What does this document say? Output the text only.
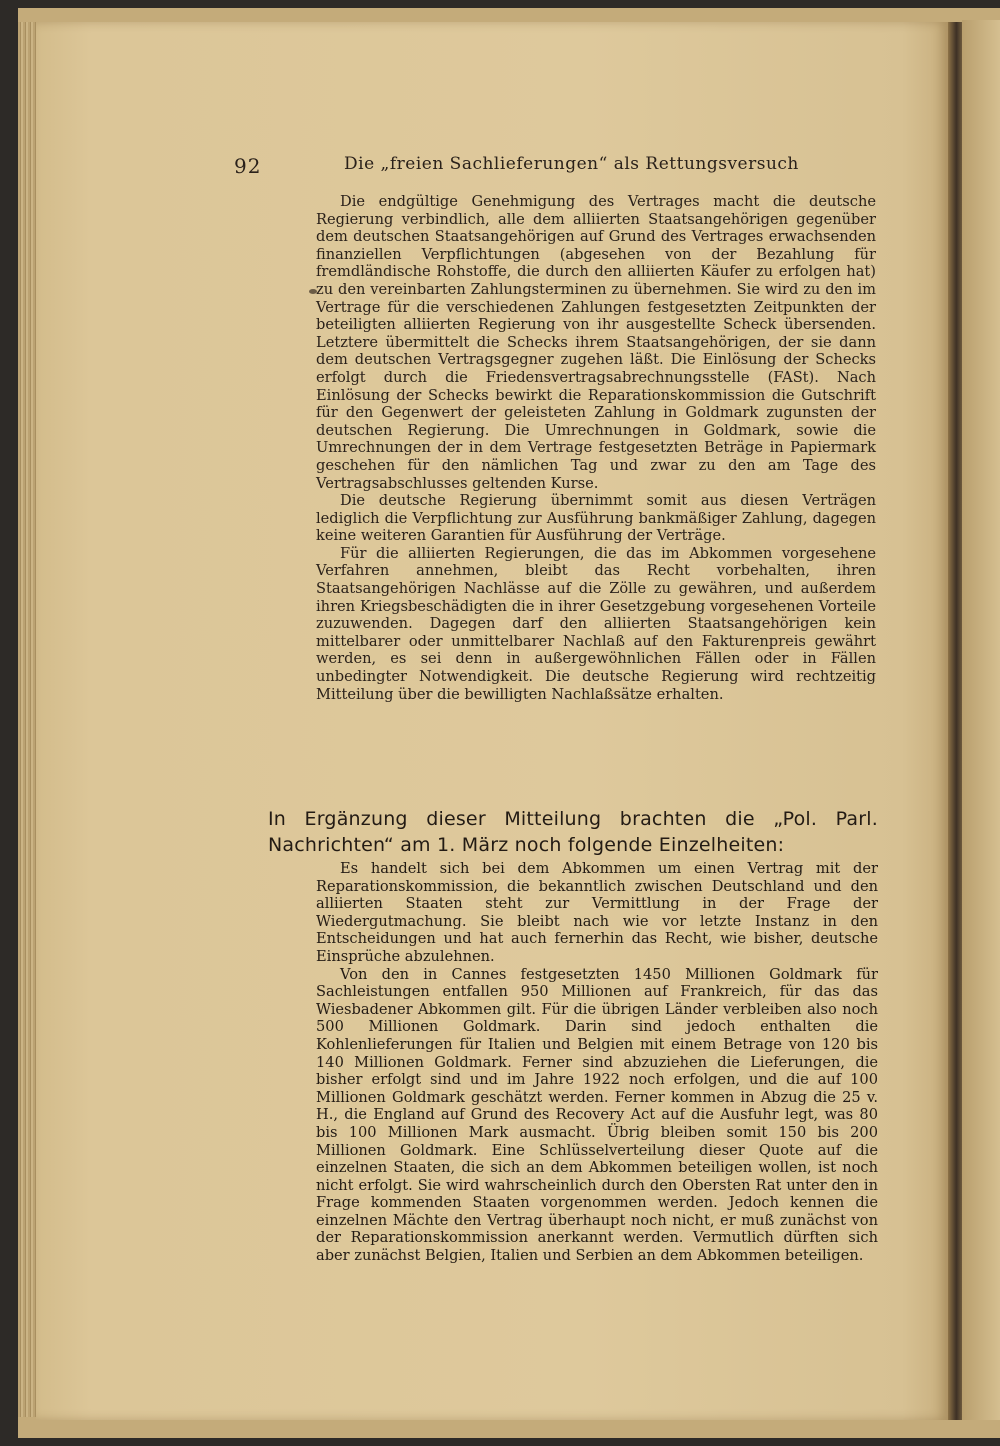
92	Die „freien Sachlieferungen“ als Rettungsversuch

Die endgültige Genehmigung des Vertrages macht die deutsche Regierung verbindlich, alle dem alliierten Staatsangehörigen gegenüber dem deutschen Staatsangehörigen auf Grund des Vertrages erwachsenden finanziellen Verpflichtungen (abgesehen von der Bezahlung für fremdländische Rohstoffe, die durch den alliierten Käufer zu erfolgen hat) zu den vereinbarten Zahlungsterminen zu übernehmen. Sie wird zu den im Vertrage für die verschiedenen Zahlungen festgesetzten Zeitpunkten der beteiligten alliierten Regierung von ihr ausgestellte Scheck übersenden. Letztere übermittelt die Schecks ihrem Staatsangehörigen, der sie dann dem deutschen Vertragsgegner zugehen läßt. Die Einlösung der Schecks erfolgt durch die Friedensvertragsabrechnungsstelle (FASt). Nach Einlösung der Schecks bewirkt die Reparationskommission die Gutschrift für den Gegenwert der geleisteten Zahlung in Goldmark zugunsten der deutschen Regierung. Die Umrechnungen in Goldmark, sowie die Umrechnungen der in dem Vertrage festgesetzten Beträge in Papiermark geschehen für den nämlichen Tag und zwar zu den am Tage des Vertragsabschlusses geltenden Kurse.

Die deutsche Regierung übernimmt somit aus diesen Verträgen lediglich die Verpflichtung zur Ausführung bankmäßiger Zahlung, dagegen keine weiteren Garantien für Ausführung der Verträge.

Für die alliierten Regierungen, die das im Abkommen vorgesehene Verfahren annehmen, bleibt das Recht vorbehalten, ihren Staatsangehörigen Nachlässe auf die Zölle zu gewähren, und außerdem ihren Kriegsbeschädigten die in ihrer Gesetzgebung vorgesehenen Vorteile zuzuwenden. Dagegen darf den alliierten Staatsangehörigen kein mittelbarer oder unmittelbarer Nachlaß auf den Fakturenpreis gewährt werden, es sei denn in außergewöhnlichen Fällen oder in Fällen unbedingter Notwendigkeit. Die deutsche Regierung wird rechtzeitig Mitteilung über die bewilligten Nachlaßsätze erhalten.

In Ergänzung dieser Mitteilung brachten die „Pol. Parl. Nachrichten“ am 1. März noch folgende Einzelheiten:

Es handelt sich bei dem Abkommen um einen Vertrag mit der Reparationskommission, die bekanntlich zwischen Deutschland und den alliierten Staaten steht zur Vermittlung in der Frage der Wiedergutmachung. Sie bleibt nach wie vor letzte Instanz in den Entscheidungen und hat auch fernerhin das Recht, wie bisher, deutsche Einsprüche abzulehnen.

Von den in Cannes festgesetzten 1450 Millionen Goldmark für Sachleistungen entfallen 950 Millionen auf Frankreich, für das das Wiesbadener Abkommen gilt. Für die übrigen Länder verbleiben also noch 500 Millionen Goldmark. Darin sind jedoch enthalten die Kohlenlieferungen für Italien und Belgien mit einem Betrage von 120 bis 140 Millionen Goldmark. Ferner sind abzuziehen die Lieferungen, die bisher erfolgt sind und im Jahre 1922 noch erfolgen, und die auf 100 Millionen Goldmark geschätzt werden. Ferner kommen in Abzug die 25 v. H., die England auf Grund des Recovery Act auf die Ausfuhr legt, was 80 bis 100 Millionen Mark ausmacht. Übrig bleiben somit 150 bis 200 Millionen Goldmark. Eine Schlüsselverteilung dieser Quote auf die einzelnen Staaten, die sich an dem Abkommen beteiligen wollen, ist noch nicht erfolgt. Sie wird wahrscheinlich durch den Obersten Rat unter den in Frage kommenden Staaten vorgenommen werden. Jedoch kennen die einzelnen Mächte den Vertrag überhaupt noch nicht, er muß zunächst von der Reparationskommission anerkannt werden. Vermutlich dürften sich aber zunächst Belgien, Italien und Serbien an dem Abkommen beteiligen.
